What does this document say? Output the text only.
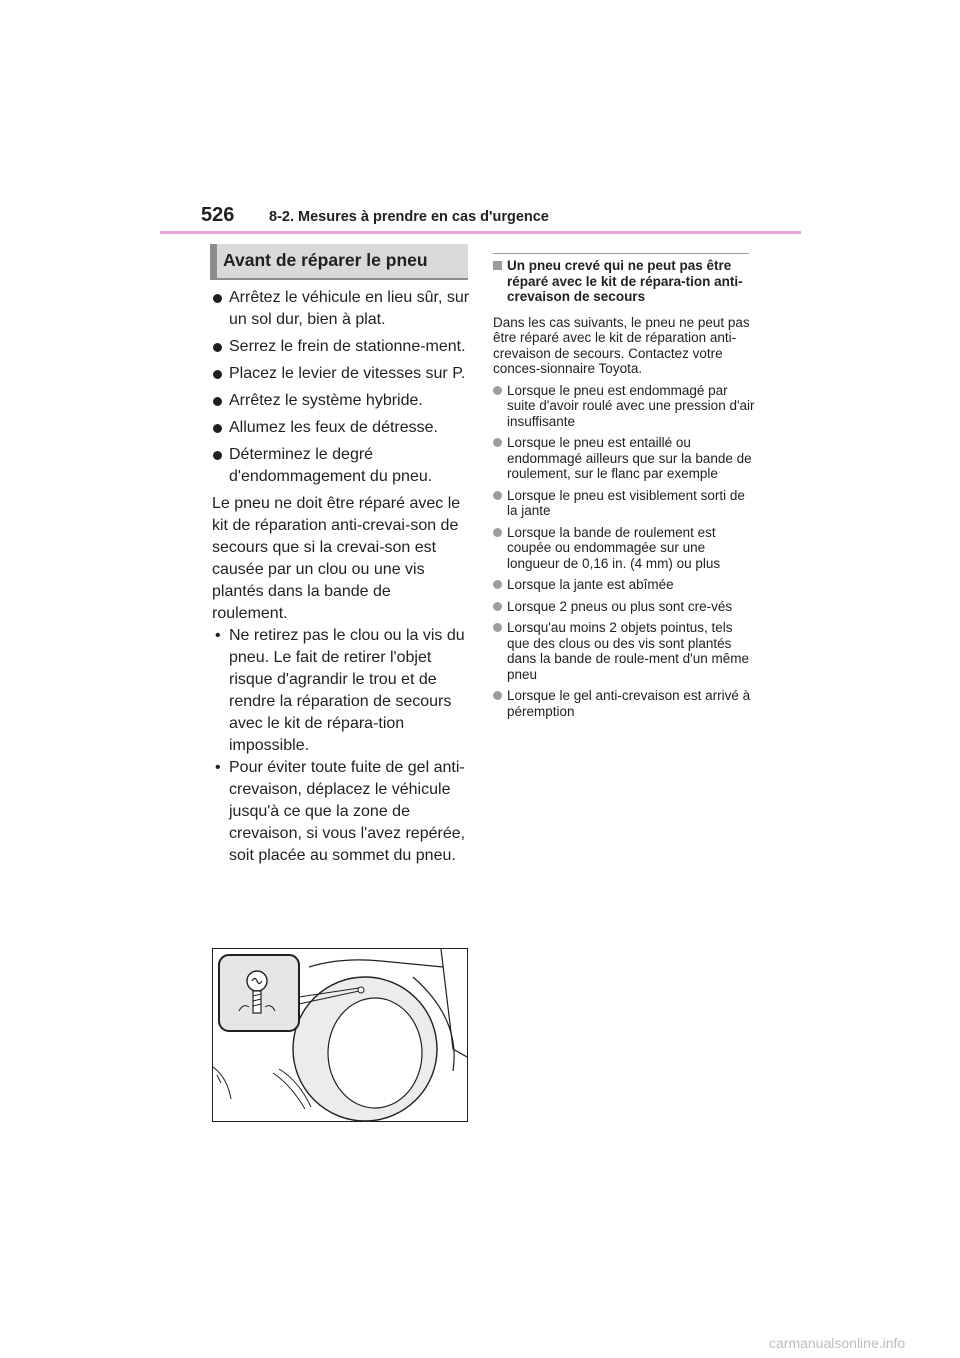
526 8-2. Mesures à prendre en cas d'urgence
Avant de réparer le pneu
Arrêtez le véhicule en lieu sûr, sur un sol dur, bien à plat.
Serrez le frein de stationne-ment.
Placez le levier de vitesses sur P.
Arrêtez le système hybride.
Allumez les feux de détresse.
Déterminez le degré d'endommagement du pneu.

Le pneu ne doit être réparé avec le kit de réparation anti-crevai-son de secours que si la crevai-son est causée par un clou ou une vis plantés dans la bande de roulement.

• Ne retirez pas le clou ou la vis du pneu. Le fait de retirer l'objet risque d'agrandir le trou et de rendre la réparation de secours avec le kit de répara-tion impossible.
• Pour éviter toute fuite de gel anti-crevaison, déplacez le véhicule jusqu'à ce que la zone de crevaison, si vous l'avez repérée, soit placée au sommet du pneu.
Un pneu crevé qui ne peut pas être réparé avec le kit de répara-tion anti-crevaison de secours

Dans les cas suivants, le pneu ne peut pas être réparé avec le kit de réparation anti-crevaison de secours. Contactez votre conces-sionnaire Toyota.

Lorsque le pneu est endommagé par suite d'avoir roulé avec une pression d'air insuffisante
Lorsque le pneu est entaillé ou endommagé ailleurs que sur la bande de roulement, sur le flanc par exemple
Lorsque le pneu est visiblement sorti de la jante
Lorsque la bande de roulement est coupée ou endommagée sur une longueur de 0,16 in. (4 mm) ou plus
Lorsque la jante est abîmée
Lorsque 2 pneus ou plus sont cre-vés
Lorsqu'au moins 2 objets pointus, tels que des clous ou des vis sont plantés dans la bande de roule-ment d'un même pneu
Lorsque le gel anti-crevaison est arrivé à péremption
carmanualsonline.info
